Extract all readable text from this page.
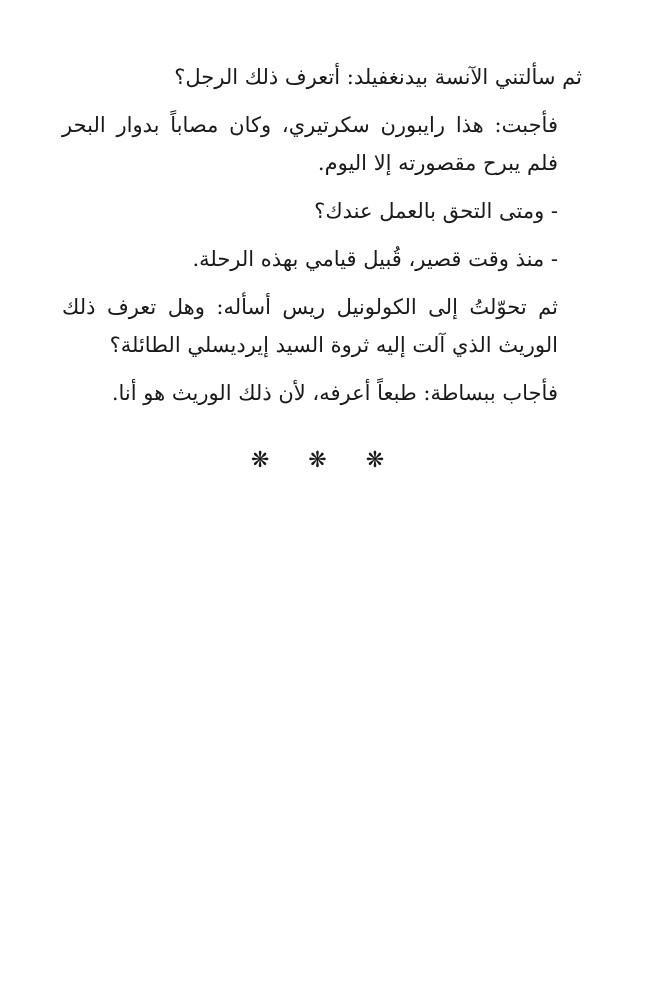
ثم سألتني الآنسة بيدنغفيلد: أتعرف ذلك الرجل؟

فأجبت: هذا رايبورن سكرتيري، وكان مصاباً بدوار البحر فلم يبرح مقصورته إلا اليوم.

- ومتى التحق بالعمل عندك؟

- منذ وقت قصير، قُبيل قيامي بهذه الرحلة.

ثم تحوّلتُ إلى الكولونيل ريس أسأله: وهل تعرف ذلك الوريث الذي آلت إليه ثروة السيد إيرديسلي الطائلة؟

فأجاب ببساطة: طبعاً أعرفه، لأن ذلك الوريث هو أنا.

❋ ❋ ❋
